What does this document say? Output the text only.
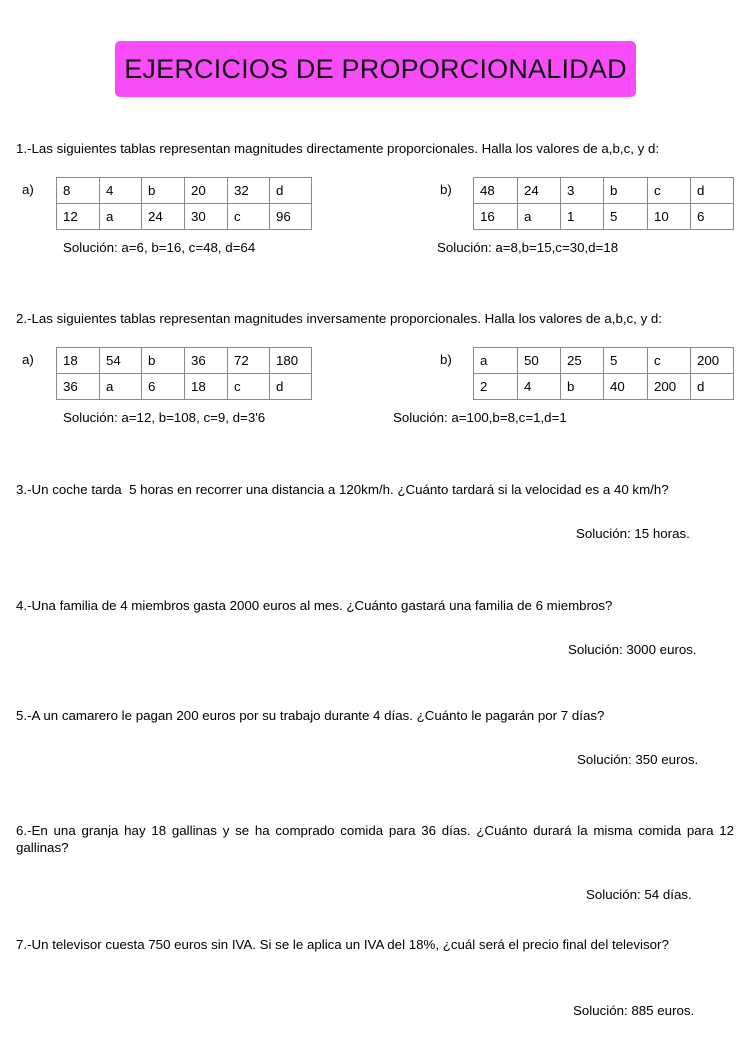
EJERCICIOS DE PROPORCIONALIDAD
1.-Las siguientes tablas representan magnitudes directamente proporcionales. Halla los valores de a,b,c, y d:
a) 8	4	b	20	32	d
12	a	24	30	c	96
Solución: a=6, b=16, c=48, d=64
b) 48	24	3	b	c	d
16	a	1	5	10	6
Solución: a=8,b=15,c=30,d=18
2.-Las siguientes tablas representan magnitudes inversamente proporcionales. Halla los valores de a,b,c, y d:
a) 18	54	b	36	72	180
36	a	6	18	c	d
Solución: a=12, b=108, c=9, d=3'6
b) a	50	25	5	c	200
2	4	b	40	200	d
Solución: a=100,b=8,c=1,d=1
3.-Un coche tarda  5 horas en recorrer una distancia a 120km/h. ¿Cuánto tardará si la velocidad es a 40 km/h?
Solución: 15 horas.
4.-Una familia de 4 miembros gasta 2000 euros al mes. ¿Cuánto gastará una familia de 6 miembros?
Solución: 3000 euros.
5.-A un camarero le pagan 200 euros por su trabajo durante 4 días. ¿Cuánto le pagarán por 7 días?
Solución: 350 euros.
6.-En una granja hay 18 gallinas y se ha comprado comida para 36 días. ¿Cuánto durará la misma comida para 12 gallinas?
Solución: 54 días.
7.-Un televisor cuesta 750 euros sin IVA. Si se le aplica un IVA del 18%, ¿cuál será el precio final del televisor?
Solución: 885 euros.
